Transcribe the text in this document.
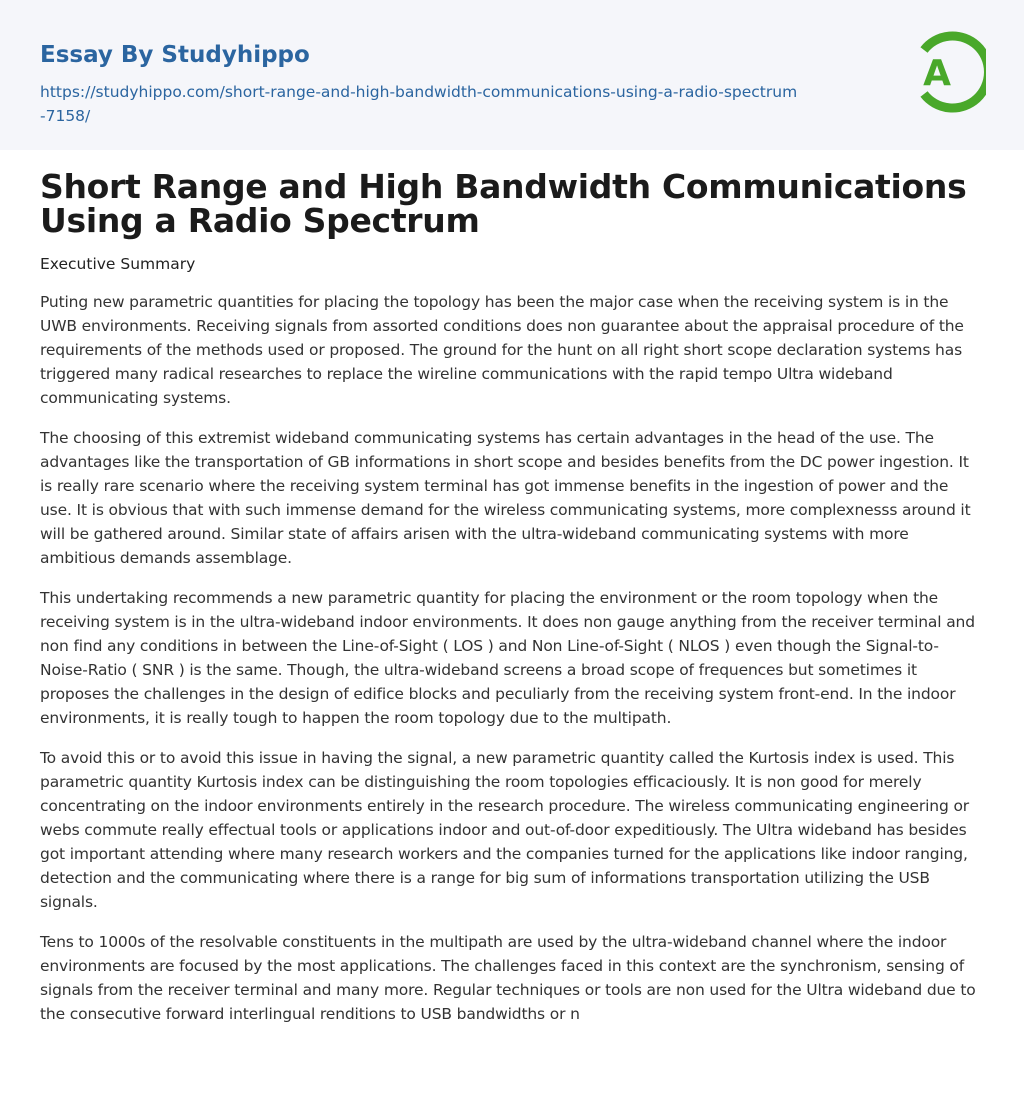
Essay By Studyhippo
https://studyhippo.com/short-range-and-high-bandwidth-communications-using-a-radio-spectrum-7158/
A
Short Range and High Bandwidth Communications Using a Radio Spectrum
Executive Summary

Puting new parametric quantities for placing the topology has been the major case when the receiving system is in the UWB environments. Receiving signals from assorted conditions does non guarantee about the appraisal procedure of the requirements of the methods used or proposed. The ground for the hunt on all right short scope declaration systems has triggered many radical researches to replace the wireline communications with the rapid tempo Ultra wideband communicating systems.

The choosing of this extremist wideband communicating systems has certain advantages in the head of the use. The advantages like the transportation of GB informations in short scope and besides benefits from the DC power ingestion. It is really rare scenario where the receiving system terminal has got immense benefits in the ingestion of power and the use. It is obvious that with such immense demand for the wireless communicating systems, more complexnesss around it will be gathered around. Similar state of affairs arisen with the ultra-wideband communicating systems with more ambitious demands assemblage.

This undertaking recommends a new parametric quantity for placing the environment or the room topology when the receiving system is in the ultra-wideband indoor environments. It does non gauge anything from the receiver terminal and non find any conditions in between the Line-of-Sight ( LOS ) and Non Line-of-Sight ( NLOS ) even though the Signal-to-Noise-Ratio ( SNR ) is the same. Though, the ultra-wideband screens a broad scope of frequences but sometimes it proposes the challenges in the design of edifice blocks and peculiarly from the receiving system front-end. In the indoor environments, it is really tough to happen the room topology due to the multipath.

To avoid this or to avoid this issue in having the signal, a new parametric quantity called the Kurtosis index is used. This parametric quantity Kurtosis index can be distinguishing the room topologies efficaciously. It is non good for merely concentrating on the indoor environments entirely in the research procedure. The wireless communicating engineering or webs commute really effectual tools or applications indoor and out-of-door expeditiously. The Ultra wideband has besides got important attending where many research workers and the companies turned for the applications like indoor ranging, detection and the communicating where there is a range for big sum of informations transportation utilizing the USB signals.

Tens to 1000s of the resolvable constituents in the multipath are used by the ultra-wideband channel where the indoor environments are focused by the most applications. The challenges faced in this context are the synchronism, sensing of signals from the receiver terminal and many more. Regular techniques or tools are non used for the Ultra wideband due to the consecutive forward interlingual renditions to USB bandwidths or n
